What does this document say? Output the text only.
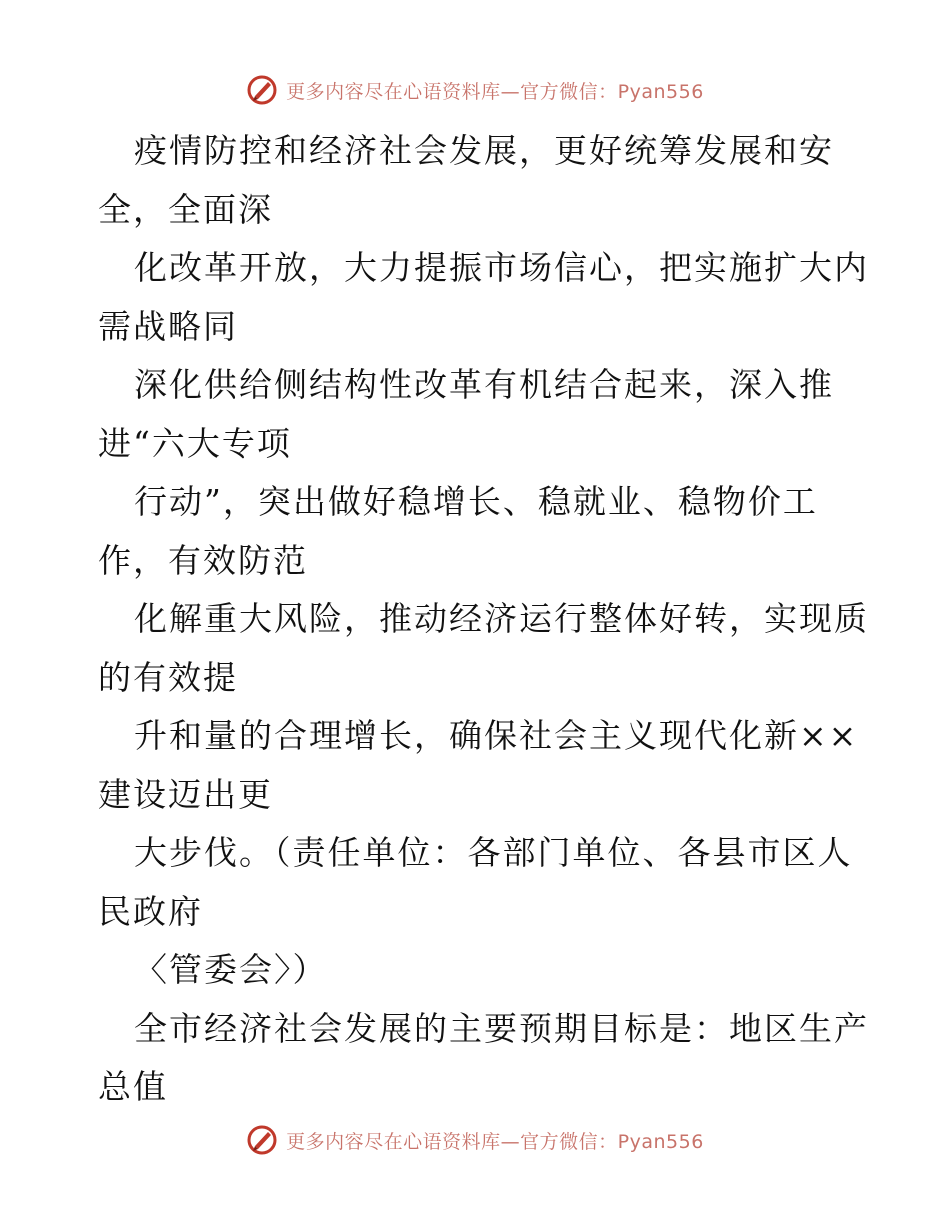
更多内容尽在心语资料库—官方微信：Pyan556
疫情防控和经济社会发展，更好统筹发展和安
全，全面深
化改革开放，大力提振市场信心，把实施扩大内
需战略同
深化供给侧结构性改革有机结合起来，深入推
进“六大专项
行动”，突出做好稳增长、稳就业、稳物价工
作，有效防范
化解重大风险，推动经济运行整体好转，实现质
的有效提
升和量的合理增长，确保社会主义现代化新××
建设迈出更
大步伐。（责任单位：各部门单位、各县市区人
民政府
〈管委会〉）
全市经济社会发展的主要预期目标是：地区生产
总值
更多内容尽在心语资料库—官方微信：Pyan556
